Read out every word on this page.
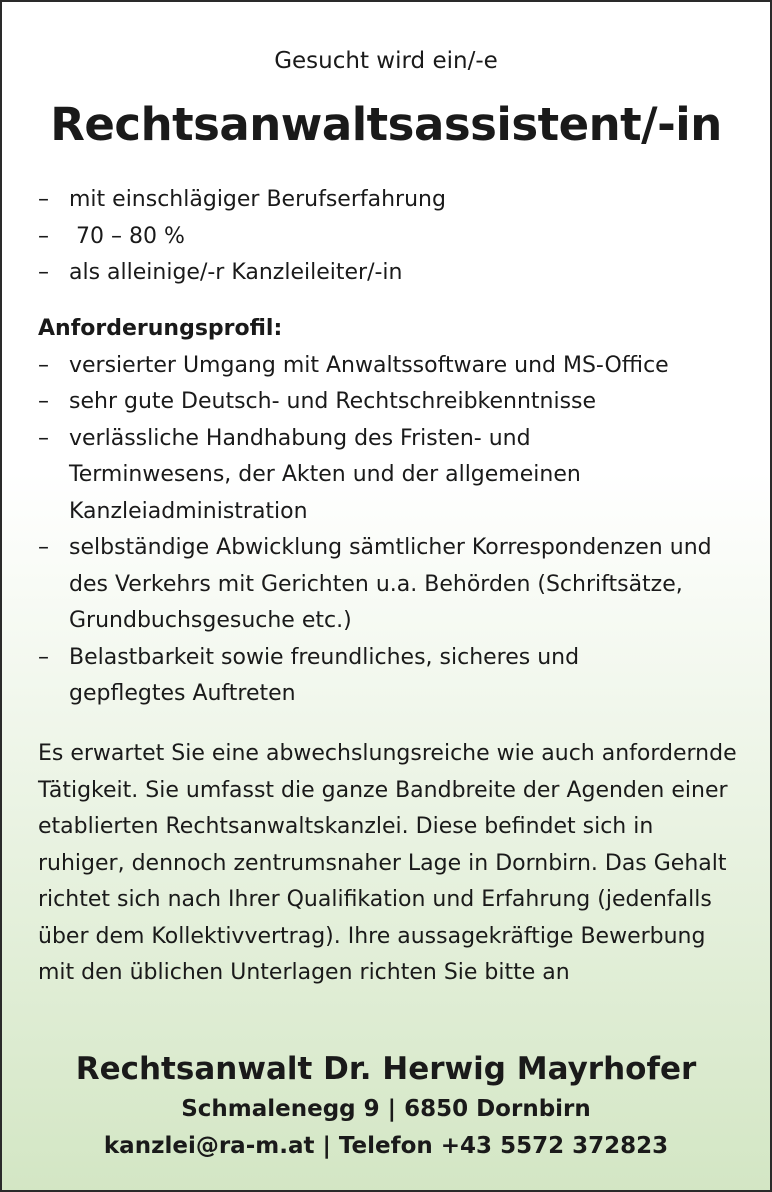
Gesucht wird ein/-e
Rechtsanwaltsassistent/-in
– mit einschlägiger Berufserfahrung
– 70 – 80 %
– als alleinige/-r Kanzleileiter/-in
Anforderungsprofil:
– versierter Umgang mit Anwaltssoftware und MS-Office
– sehr gute Deutsch- und Rechtschreibkenntnisse
– verlässliche Handhabung des Fristen- und Terminwesens, der Akten und der allgemeinen Kanzleiadministration
– selbständige Abwicklung sämtlicher Korrespondenzen und des Verkehrs mit Gerichten u.a. Behörden (Schriftsätze, Grundbuchsgesuche etc.)
– Belastbarkeit sowie freundliches, sicheres und gepflegtes Auftreten

Es erwartet Sie eine abwechslungsreiche wie auch anfordernde Tätigkeit. Sie umfasst die ganze Bandbreite der Agenden einer etablierten Rechtsanwaltskanzlei. Diese befindet sich in ruhiger, dennoch zentrumsnaher Lage in Dornbirn. Das Gehalt richtet sich nach Ihrer Qualifikation und Erfahrung (jedenfalls über dem Kollektivvertrag). Ihre aussagekräftige Bewerbung mit den üblichen Unterlagen richten Sie bitte an

Rechtsanwalt Dr. Herwig Mayrhofer
Schmalenegg 9 | 6850 Dornbirn
kanzlei@ra-m.at | Telefon +43 5572 372823
